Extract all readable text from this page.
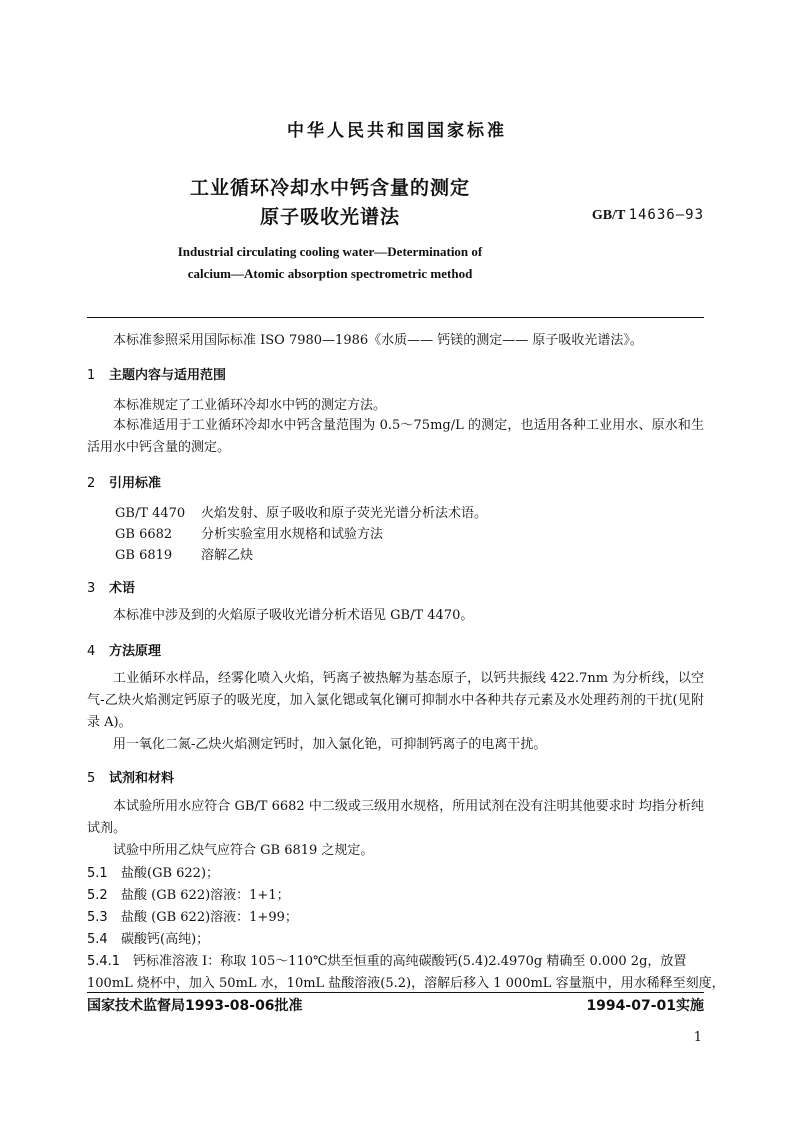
中华人民共和国国家标准
工业循环冷却水中钙含量的测定
原子吸收光谱法	GB/T 14636—93
Industrial circulating cooling water—Determination of
calcium—Atomic absorption spectrometric method
本标准参照采用国际标准 ISO 7980—1986《水质—— 钙镁的测定—— 原子吸收光谱法》。
1 主题内容与适用范围
本标准规定了工业循环冷却水中钙的测定方法。
本标准适用于工业循环冷却水中钙含量范围为 0.5～75mg/L 的测定，也适用各种工业用水、原水和生活用水中钙含量的测定。
2 引用标准
GB/T 4470 火焰发射、原子吸收和原子荧光光谱分析法术语。
GB 6682 分析实验室用水规格和试验方法
GB 6819 溶解乙炔
3 术语
本标准中涉及到的火焰原子吸收光谱分析术语见 GB/T 4470。
4 方法原理
工业循环水样品，经雾化喷入火焰，钙离子被热解为基态原子，以钙共振线 422.7nm 为分析线，以空气-乙炔火焰测定钙原子的吸光度，加入氯化锶或氧化镧可抑制水中各种共存元素及水处理药剂的干扰(见附录 A)。
用一氧化二氮-乙炔火焰测定钙时，加入氯化铯，可抑制钙离子的电离干扰。
5 试剂和材料
本试验所用水应符合 GB/T 6682 中二级或三级用水规格，所用试剂在没有注明其他要求时 均指分析纯试剂。
试验中所用乙炔气应符合 GB 6819 之规定。
5.1 盐酸(GB 622)；
5.2 盐酸 (GB 622)溶液：1+1；
5.3 盐酸 (GB 622)溶液：1+99；
5.4 碳酸钙(高纯)；
5.4.1 钙标准溶液 I：称取 105～110℃烘至恒重的高纯碳酸钙(5.4)2.4970g 精确至 0.000 2g，放置
100mL 烧杯中，加入 50mL 水，10mL 盐酸溶液(5.2)，溶解后移入 1 000mL 容量瓶中，用水稀释至刻度，
国家技术监督局1993-08-06批准	1994-07-01实施
1
